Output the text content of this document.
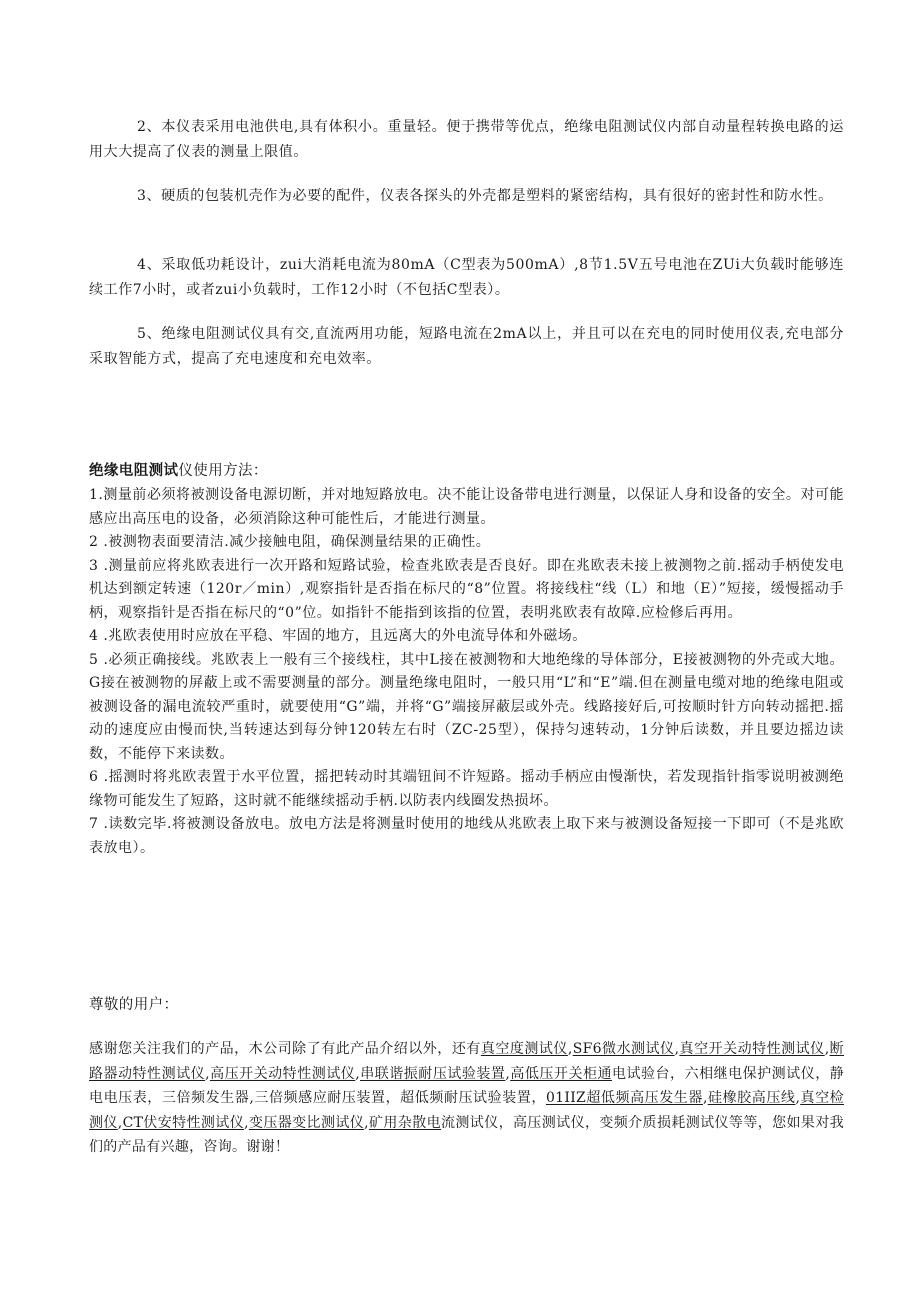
2、本仪表采用电池供电,具有体积小。重量轻。便于携带等优点，绝缘电阻测试仪内部自动量程转换电路的运用大大提高了仪表的测量上限值。

3、硬质的包装机壳作为必要的配件，仪表各探头的外壳都是塑料的紧密结构，具有很好的密封性和防水性。

4、采取低功耗设计，zui大消耗电流为80mA（C型表为500mA）,8节1.5V五号电池在ZUi大负载时能够连续工作7小时，或者zui小负载时，工作12小时（不包括C型表）。

5、绝缘电阻测试仪具有交,直流两用功能，短路电流在2mA以上，并且可以在充电的同时使用仪表,充电部分采取智能方式，提高了充电速度和充电效率。

绝缘电阻测试仪使用方法：

1.测量前必须将被测设备电源切断，并对地短路放电。决不能让设备带电进行测量，以保证人身和设备的安全。对可能感应出高压电的设备，必须消除这种可能性后，才能进行测量。

2 .被测物表面要清洁.减少接触电阻，确保测量结果的正确性。

3 .测量前应将兆欧表进行一次开路和短路试验，检查兆欧表是否良好。即在兆欧表未接上被测物之前.摇动手柄使发电机达到额定转速（120r／min）,观察指针是否指在标尺的“8”位置。将接线柱“线（L）和地（E）”短接，缓慢摇动手柄，观察指针是否指在标尺的“0”位。如指针不能指到该指的位置，表明兆欧表有故障.应检修后再用。

4 .兆欧表使用时应放在平稳、牢固的地方，且远离大的外电流导体和外磁场。

5 .必须正确接线。兆欧表上一般有三个接线柱，其中L接在被测物和大地绝缘的导体部分，E接被测物的外壳或大地。G接在被测物的屏蔽上或不需要测量的部分。测量绝缘电阻时，一般只用“L”和“E”端.但在测量电缆对地的绝缘电阻或被测设备的漏电流较严重时，就要使用“G”端，并将“G”端接屏蔽层或外壳。线路接好后,可按顺时针方向转动摇把.摇动的速度应由慢而快,当转速达到每分钟120转左右时（ZC-25型），保持匀速转动，1分钟后读数，并且要边摇边读数，不能停下来读数。

6 .摇测时将兆欧表置于水平位置，摇把转动时其端钮间不许短路。摇动手柄应由慢渐快，若发现指针指零说明被测绝缘物可能发生了短路，这时就不能继续摇动手柄.以防表内线圈发热损坏。

7 .读数完毕.将被测设备放电。放电方法是将测量时使用的地线从兆欧表上取下来与被测设备短接一下即可（不是兆欧表放电）。

尊敬的用户：

感谢您关注我们的产品，木公司除了有此产品介绍以外，还有真空度测试仪,SF6微水测试仪,真空开关动特性测试仪,断路器动特性测试仪,高压开关动特性测试仪,串联谐振耐压试验装置,高低压开关柜通电试验台，六相继电保护测试仪，静电电压表，三倍频发生器,三倍频感应耐压装置，超低频耐压试验装置，01IIZ超低频高压发生器,硅橡胶高压线,真空检测仪,CT伏安特性测试仪,变压器变比测试仪,矿用杂散电流测试仪，高压测试仪，变频介质损耗测试仪等等，您如果对我们的产品有兴趣，咨询。谢谢！
